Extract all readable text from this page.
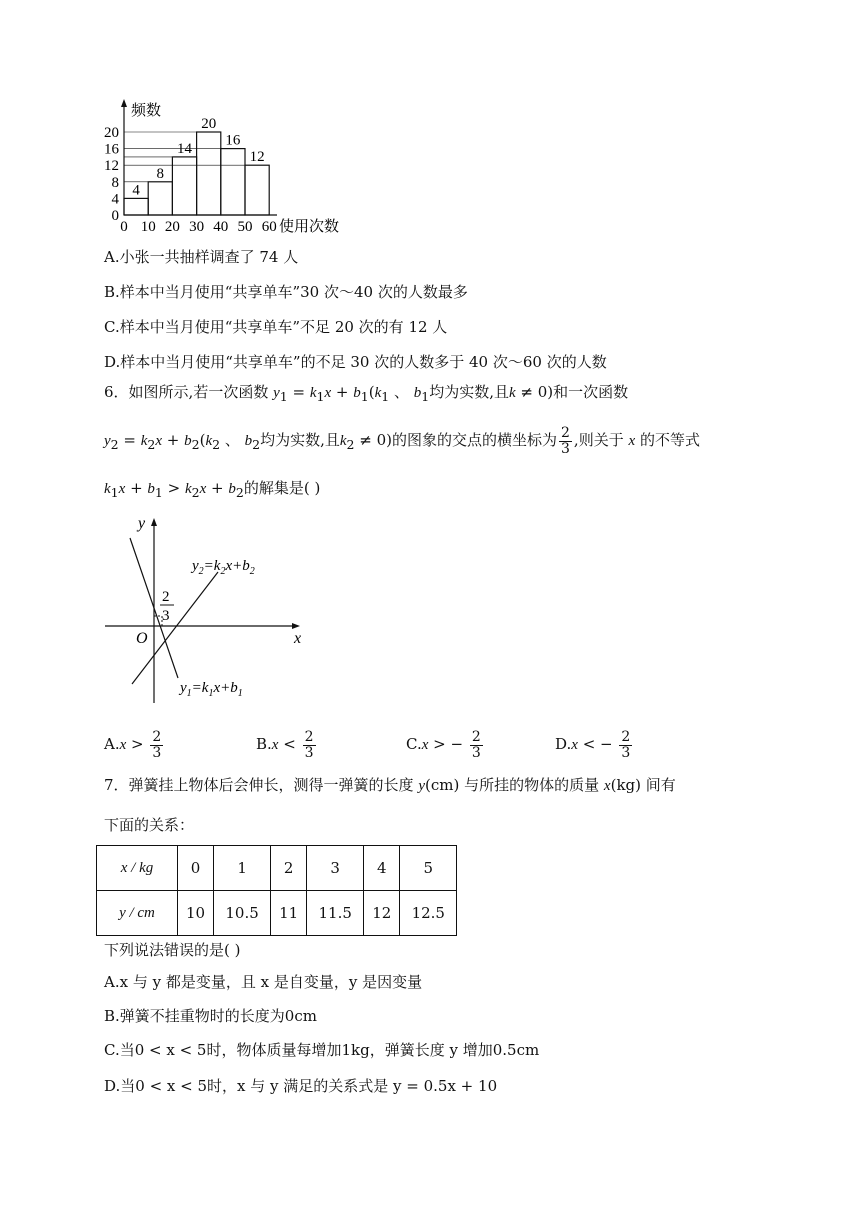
20
16
12
8
4
0
0 10 20 30 40 50 60
4
8
14
20
16
12
频数
使用次数
A.小张一共抽样调查了 74 人
B.样本中当月使用“共享单车”30 次～40 次的人数最多
C.样本中当月使用“共享单车”不足 20 次的有 12 人
D.样本中当月使用“共享单车”的不足 30 次的人数多于 40 次～60 次的人数
6．如图所示,若一次函数 $y_1 = k_1x + b_1(k_1$ 、 $b_1$均为实数,且k ≠ 0)和一次函数
$y_2 = k_2x + b_2(k_2$ 、 $b_2$均为实数,且$k_2 \ne 0$)的图象的交点的横坐标为 $\frac{2}{3}$ ,则关于 x 的不等式
$k_1x + b_1 > k_2x + b_2$的解集是( )
y
x
O
2
3
$y_2=k_2x+b_2$
$y_1=k_1x+b_1$
$A.x > \frac{2}{3}$	$B.x < \frac{2}{3}$	C.x > − $\frac{2}{3}$	D.x < − $\frac{2}{3}$
7．弹簧挂上物体后会伸长，测得一弹簧的长度 y(cm) 与所挂的物体的质量 x(kg) 间有
下面的关系：
x / kg	0	1	2	3	4	5
y / cm	10	10.5	11	11.5	12	12.5
下列说法错误的是( )
A.x 与 y 都是变量，且 x 是自变量，y 是因变量
B.弹簧不挂重物时的长度为0cm
C.当0 < x < 5时，物体质量每增加1kg，弹簧长度 y 增加0.5cm
D.当0 < x < 5时，x 与 y 满足的关系式是 y = 0.5x + 10
